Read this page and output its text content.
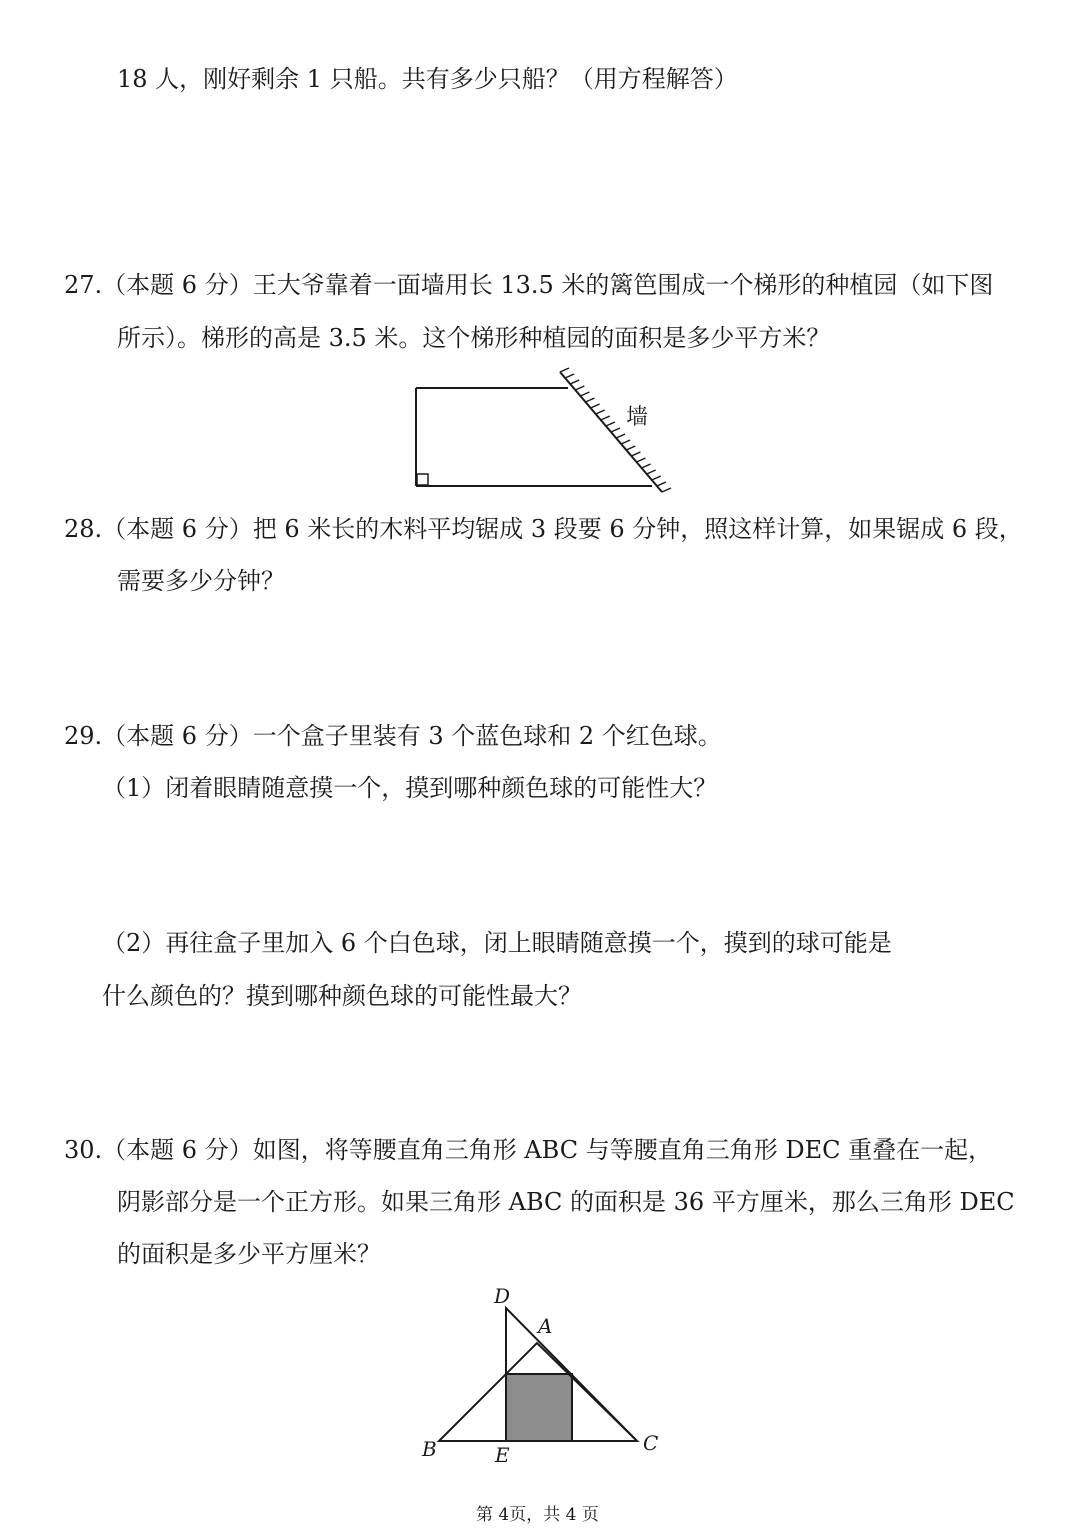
18 人，刚好剩余 1 只船。共有多少只船？（用方程解答）
27.（本题 6 分）王大爷靠着一面墙用长 13.5 米的篱笆围成一个梯形的种植园（如下图
所示）。梯形的高是 3.5 米。这个梯形种植园的面积是多少平方米？
墙
28.（本题 6 分）把 6 米长的木料平均锯成 3 段要 6 分钟，照这样计算，如果锯成 6 段，
需要多少分钟？
29.（本题 6 分）一个盒子里装有 3 个蓝色球和 2 个红色球。
（1）闭着眼睛随意摸一个，摸到哪种颜色球的可能性大？
（2）再往盒子里加入 6 个白色球，闭上眼睛随意摸一个，摸到的球可能是
什么颜色的？摸到哪种颜色球的可能性最大？
30.（本题 6 分）如图，将等腰直角三角形 ABC 与等腰直角三角形 DEC 重叠在一起，
阴影部分是一个正方形。如果三角形 ABC 的面积是 36 平方厘米，那么三角形 DEC
的面积是多少平方厘米？
D
A
B	E	C
第 4页，共 4 页
